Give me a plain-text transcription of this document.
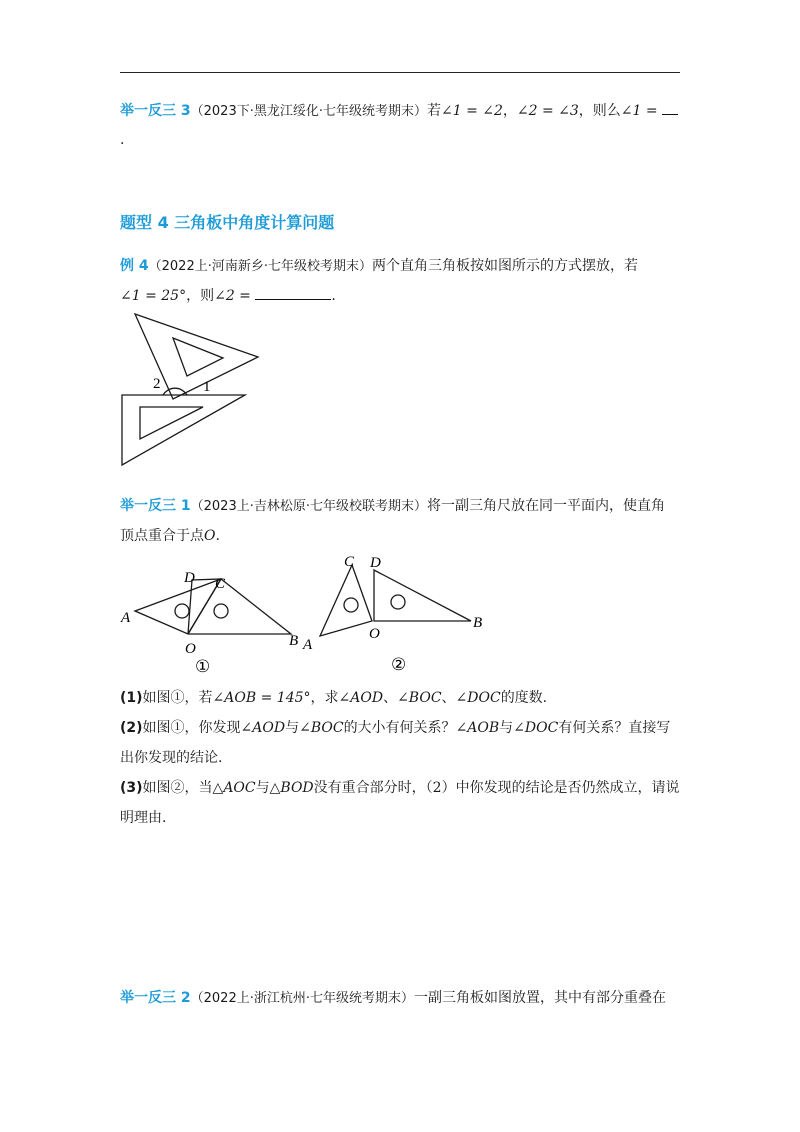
举一反三 3（2023下·黑龙江绥化·七年级统考期末）若∠1 = ∠2，∠2 = ∠3，则么∠1 =
.
题型 4 三角板中角度计算问题
例 4（2022上·河南新乡·七年级校考期末）两个直角三角板按如图所示的方式摆放，若
∠1 = 25°，则∠2 =	.
2	1
举一反三 1（2023上·吉林松原·七年级校联考期末）将一副三角尺放在同一平面内，使直角
顶点重合于点O.
D C
A
O	B
①
C D
A
O
B
②
(1)如图①，若∠AOB = 145°，求∠AOD、∠BOC、∠DOC的度数.
(2)如图①，你发现∠AOD与∠BOC的大小有何关系？∠AOB与∠DOC有何关系？直接写
出你发现的结论.
(3)如图②，当△AOC与△BOD没有重合部分时，（2）中你发现的结论是否仍然成立，请说
明理由.
举一反三 2（2022上·浙江杭州·七年级统考期末）一副三角板如图放置，其中有部分重叠在
